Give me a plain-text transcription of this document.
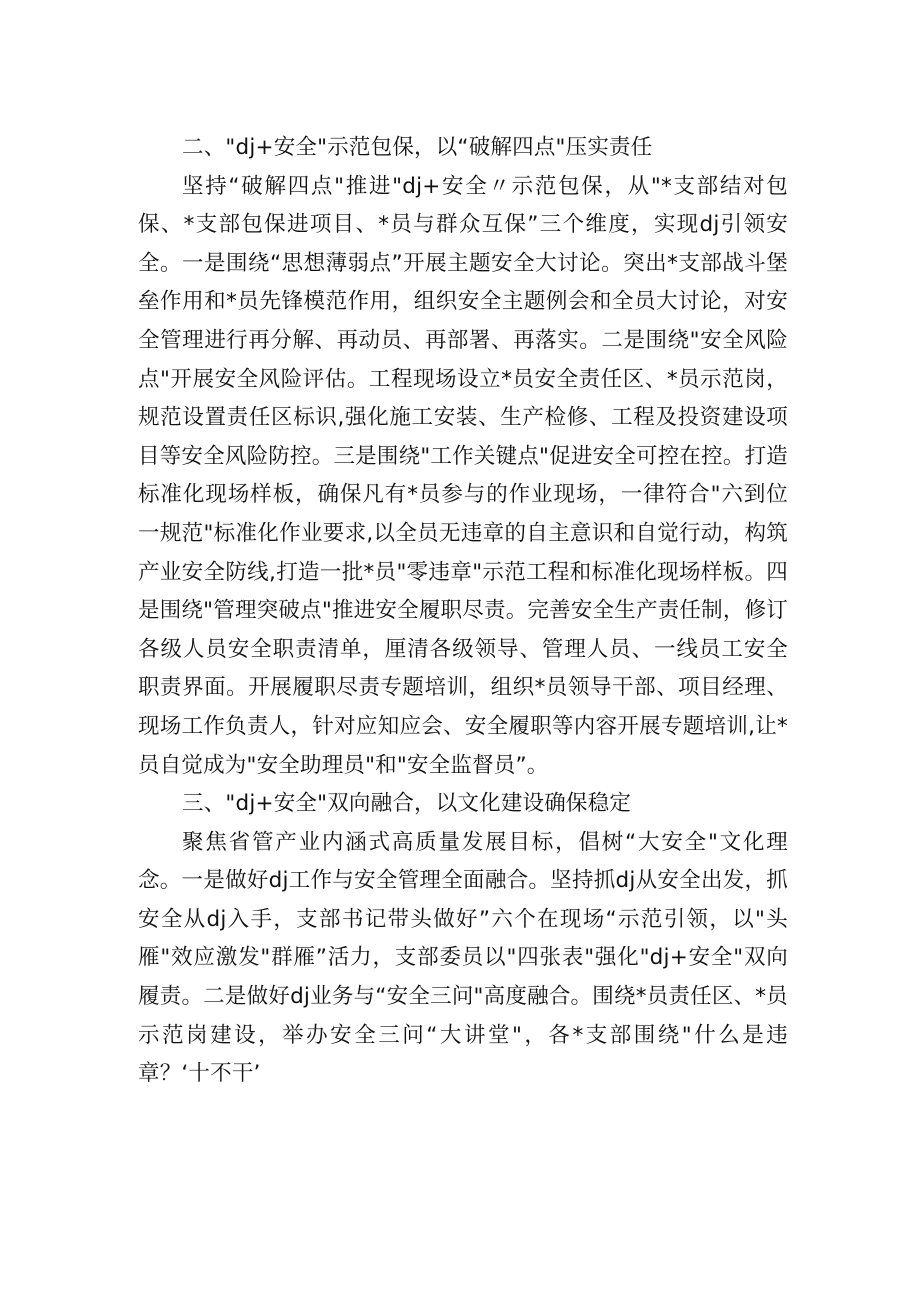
二、"dj+安全"示范包保，以“破解四点"压实责任

坚持“破解四点"推进"dj+安全〃示范包保，从"*支部结对包保、*支部包保进项目、*员与群众互保”三个维度，实现dj引领安全。一是围绕“思想薄弱点”开展主题安全大讨论。突出*支部战斗堡垒作用和*员先锋模范作用，组织安全主题例会和全员大讨论，对安全管理进行再分解、再动员、再部署、再落实。二是围绕"安全风险点"开展安全风险评估。工程现场设立*员安全责任区、*员示范岗，规范设置责任区标识,强化施工安装、生产检修、工程及投资建设项目等安全风险防控。三是围绕"工作关键点"促进安全可控在控。打造标准化现场样板，确保凡有*员参与的作业现场，一律符合"六到位一规范"标准化作业要求,以全员无违章的自主意识和自觉行动，构筑产业安全防线,打造一批*员"零违章"示范工程和标准化现场样板。四是围绕"管理突破点"推进安全履职尽责。完善安全生产责任制，修订各级人员安全职责清单，厘清各级领导、管理人员、一线员工安全职责界面。开展履职尽责专题培训，组织*员领导干部、项目经理、现场工作负责人，针对应知应会、安全履职等内容开展专题培训,让*员自觉成为"安全助理员"和"安全监督员”。

三、"dj+安全"双向融合，以文化建设确保稳定

聚焦省管产业内涵式高质量发展目标，倡树“大安全"文化理念。一是做好dj工作与安全管理全面融合。坚持抓dj从安全出发，抓安全从dj入手，支部书记带头做好”六个在现场“示范引领，以"头雁"效应激发"群雁”活力，支部委员以"四张表"强化"dj+安全"双向履责。二是做好dj业务与“安全三问"高度融合。围绕*员责任区、*员示范岗建设，举办安全三问“大讲堂"，各*支部围绕"什么是违章？‘十不干’
